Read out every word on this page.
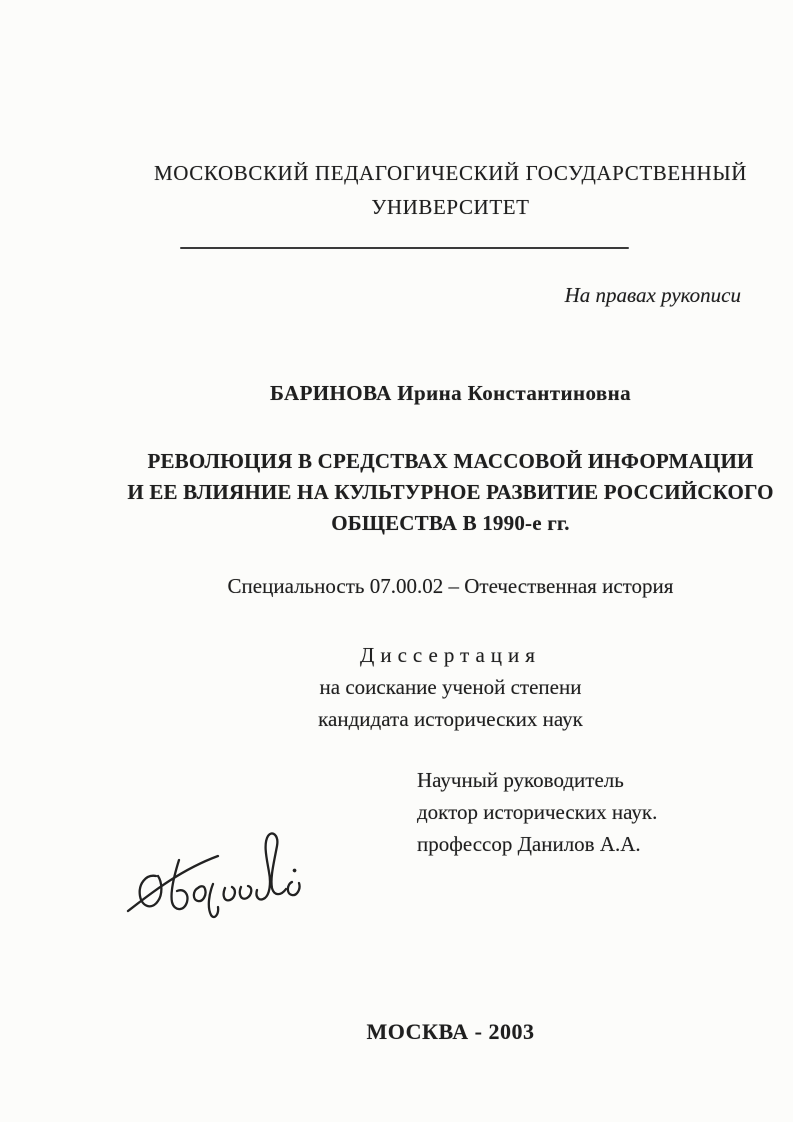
МОСКОВСКИЙ ПЕДАГОГИЧЕСКИЙ ГОСУДАРСТВЕННЫЙ
УНИВЕРСИТЕТ
На правах рукописи
БАРИНОВА Ирина Константиновна
РЕВОЛЮЦИЯ В СРЕДСТВАХ МАССОВОЙ ИНФОРМАЦИИ
И ЕЕ ВЛИЯНИЕ НА КУЛЬТУРНОЕ РАЗВИТИЕ РОССИЙСКОГО
ОБЩЕСТВА В 1990-е гг.
Специальность 07.00.02 – Отечественная история
Диссертация
на соискание ученой степени
кандидата исторических наук
Научный руководитель
доктор исторических наук.
профессор Данилов А.А.
МОСКВА - 2003
